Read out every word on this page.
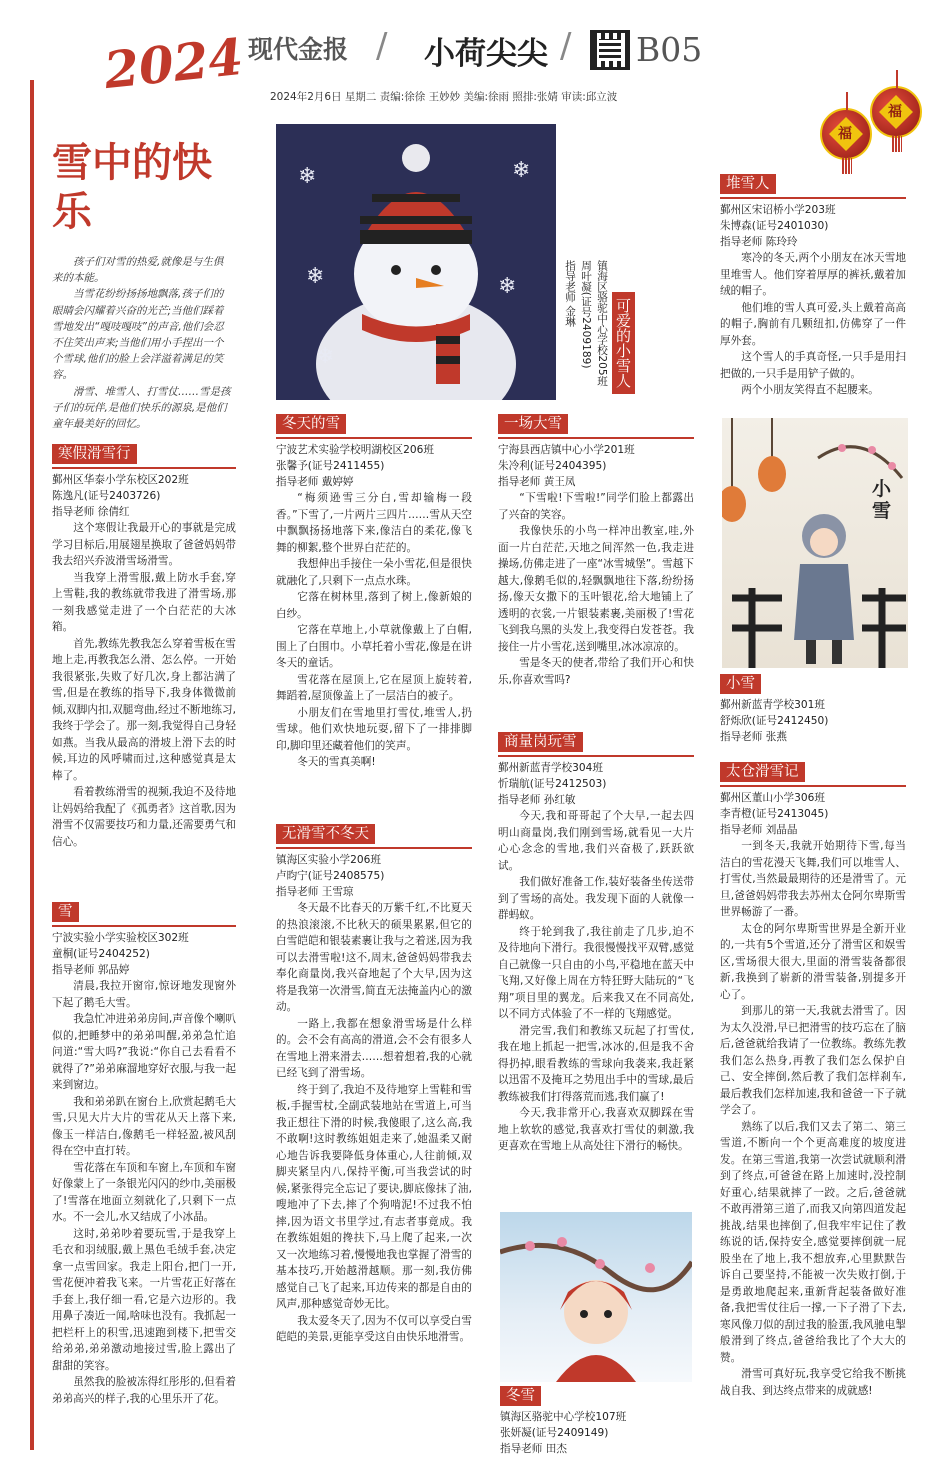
2024 现代金报 / 小荷尖尖 / B05
2024年2月6日 星期二 责编:徐徐 王妙妙 美编:徐雨 照排:张婧 审读:邱立波
福
福
雪中的快乐

孩子们对雪的热爱,就像是与生俱来的本能。

当雪花纷纷扬扬地飘落,孩子们的眼睛会闪耀着兴奋的光芒;当他们踩着雪地发出“嘎吱嘎吱”的声音,他们会忍不住笑出声来;当他们用小手捏出一个个雪球,他们的脸上会洋溢着满足的笑容。

滑雪、堆雪人、打雪仗……雪是孩子们的玩伴,是他们快乐的源泉,是他们童年最美好的回忆。

寒假滑雪行
鄞州区华泰小学东校区202班
陈逸凡(证号2403726)
指导老师 徐倩红

这个寒假让我最开心的事就是完成学习目标后,用展翅星换取了爸爸妈妈带我去绍兴乔波滑雪场滑雪。

当我穿上滑雪服,戴上防水手套,穿上雪鞋,我的教练就带我进了滑雪场,那一刻我感觉走进了一个白茫茫的大冰箱。

首先,教练先教我怎么穿着雪板在雪地上走,再教我怎么滑、怎么停。一开始我很紧张,失败了好几次,身上都沾满了雪,但是在教练的指导下,我身体微微前倾,双脚内扣,双腿弯曲,经过不断地练习,我终于学会了。那一刻,我觉得自己身轻如燕。当我从最高的滑坡上滑下去的时候,耳边的风呼啸而过,这种感觉真是太棒了。

看着教练滑雪的视频,我迫不及待地让妈妈给我配了《孤勇者》这首歌,因为滑雪不仅需要技巧和力量,还需要勇气和信心。

雪
宁波实验小学实验校区302班
童桐(证号2404252)
指导老师 郭品婷

清晨,我拉开窗帘,惊讶地发现窗外下起了鹅毛大雪。

我急忙冲进弟弟房间,声音像个喇叭似的,把睡梦中的弟弟叫醒,弟弟急忙追问道:“雪大吗?”我说:“你自己去看看不就得了?”弟弟麻溜地穿好衣服,与我一起来到窗边。

我和弟弟趴在窗台上,欣赏起鹅毛大雪,只见大片大片的雪花从天上落下来,像玉一样洁白,像鹅毛一样轻盈,被风刮得在空中直打转。

雪花落在车顶和车窗上,车顶和车窗好像蒙上了一条银光闪闪的纱巾,美丽极了!雪落在地面立刻就化了,只剩下一点水。不一会儿,水又结成了小冰晶。

这时,弟弟吵着要玩雪,于是我穿上毛衣和羽绒服,戴上黑色毛绒手套,决定拿一点雪回家。我走上阳台,把门一开,雪花便冲着我飞来。一片雪花正好落在手套上,我仔细一看,它是六边形的。我用鼻子凑近一闻,啥味也没有。我抓起一把栏杆上的积雪,迅速跑到楼下,把雪交给弟弟,弟弟激动地接过雪,脸上露出了甜甜的笑容。

虽然我的脸被冻得红彤彤的,但看着弟弟高兴的样子,我的心里乐开了花。

❄
❄
❄
❄
❄	可爱的小雪人
镇海区骆驼中心学校205班
周叶凝(证号2409189)
指导老师 金琳
冬天的雪
宁波艺术实验学校明湖校区206班
张馨予(证号2411455)
指导老师 戴婷婷

“梅须逊雪三分白,雪却输梅一段香。”下雪了,一片两片三四片……雪从天空中飘飘扬扬地落下来,像洁白的柔花,像飞舞的柳絮,整个世界白茫茫的。

我想伸出手接住一朵小雪花,但是很快就融化了,只剩下一点点水珠。

它落在树林里,落到了树上,像新娘的白纱。

它落在草地上,小草就像戴上了白帽,围上了白围巾。小草托着小雪花,像是在讲冬天的童话。

雪花落在屋顶上,它在屋顶上旋转着,舞蹈着,屋顶像盖上了一层洁白的被子。

小朋友们在雪地里打雪仗,堆雪人,扔雪球。他们欢快地玩耍,留下了一排排脚印,脚印里还藏着他们的笑声。

冬天的雪真美啊!

无滑雪不冬天
镇海区实验小学206班
卢昀宁(证号2408575)
指导老师 王雪琼

冬天最不比春天的万紫千红,不比夏天的热浪滚滚,不比秋天的硕果累累,但它的白雪皑皑和银装素裹让我与之着迷,因为我可以去滑雪啦!这不,周末,爸爸妈妈带我去奉化商量岗,我兴奋地起了个大早,因为这将是我第一次滑雪,简直无法掩盖内心的激动。

一路上,我都在想象滑雪场是什么样的。会不会有高高的滑道,会不会有很多人在雪地上滑来滑去……想着想着,我的心就已经飞到了滑雪场。

终于到了,我迫不及待地穿上雪鞋和雪板,手握雪杖,全副武装地站在雪道上,可当我正想往下滑的时候,我傻眼了,这么高,我不敢啊!这时教练姐姐走来了,她温柔又耐心地告诉我要降低身体重心,人往前倾,双脚夹紧呈内八,保持平衡,可当我尝试的时候,紧张得完全忘记了要诀,脚底像抹了油,嗖地冲了下去,摔了个狗啃泥!不过我不怕摔,因为语文书里学过,有志者事竟成。我在教练姐姐的搀扶下,马上爬了起来,一次又一次地练习着,慢慢地我也掌握了滑雪的基本技巧,开始越滑越顺。那一刻,我仿佛感觉自己飞了起来,耳边传来的都是自由的风声,那种感觉奇妙无比。

我太爱冬天了,因为不仅可以享受白雪皑皑的美景,更能享受这自由快乐地滑雪。

一场大雪
宁海县西店镇中心小学201班
朱冷利(证号2404395)
指导老师 黄王凤

“下雪啦!下雪啦!”同学们脸上都露出了兴奋的笑容。

我像快乐的小鸟一样冲出教室,哇,外面一片白茫茫,天地之间浑然一色,我走进操场,仿佛走进了一座“冰雪城堡”。雪越下越大,像鹅毛似的,轻飘飘地往下落,纷纷扬扬,像天女撒下的玉叶银花,给大地铺上了透明的衣裳,一片银装素裹,美丽极了!雪花飞到我乌黑的头发上,我变得白发苍苍。我接住一片小雪花,送到嘴里,冰冰凉凉的。

雪是冬天的使者,带给了我们开心和快乐,你喜欢雪吗?

商量岗玩雪
鄞州新蓝青学校304班
忻瑞航(证号2412503)
指导老师 孙红敏

今天,我和哥哥起了个大早,一起去四明山商量岗,我们刚到雪场,就看见一大片心心念念的雪地,我们兴奋极了,跃跃欲试。

我们做好准备工作,装好装备坐传送带到了雪场的高处。我发现下面的人就像一群蚂蚁。

终于轮到我了,我往前走了几步,迫不及待地向下滑行。我很慢慢找平双臂,感觉自己就像一只自由的小鸟,平稳地在蓝天中飞翔,又好像上周在方特狂野大陆玩的“飞翔”项目里的翼龙。后来我又在不同高处,以不同方式体验了不一样的飞翔感觉。

滑完雪,我们和教练又玩起了打雪仗,我在地上抓起一把雪,冰冰的,但是我不舍得扔掉,眼看教练的雪球向我袭来,我赶紧以迅雷不及掩耳之势甩出手中的雪球,最后教练被我们打得落荒而逃,我们赢了!

今天,我非常开心,我喜欢双脚踩在雪地上软软的感觉,我喜欢打雪仗的刺激,我更喜欢在雪地上从高处往下滑行的畅快。

冬雪
镇海区骆驼中心学校107班
张妍凝(证号2409149)
指导老师 田杰
堆雪人
鄞州区宋诏桥小学203班
朱博森(证号2401030)
指导老师 陈玲玲

寒冷的冬天,两个小朋友在冰天雪地里堆雪人。他们穿着厚厚的裤袄,戴着加绒的帽子。

他们堆的雪人真可爱,头上戴着高高的帽子,胸前有几颗纽扣,仿佛穿了一件厚外套。

这个雪人的手真奇怪,一只手是用扫把做的,一只手是用铲子做的。

两个小朋友笑得直不起腰来。

小雪
小雪
鄞州新蓝青学校301班
舒烁欣(证号2412450)
指导老师 张燕
太仓滑雪记
鄞州区董山小学306班
李青橙(证号2413045)
指导老师 刘晶晶

一到冬天,我就开始期待下雪,每当洁白的雪花漫天飞舞,我们可以堆雪人、打雪仗,当然最最期待的还是滑雪了。元旦,爸爸妈妈带我去苏州太仓阿尔卑斯雪世界畅游了一番。

太仓的阿尔卑斯雪世界是全新开业的,一共有5个雪道,还分了滑雪区和娱雪区,雪场很大很大,里面的滑雪装备都很新,我换到了崭新的滑雪装备,别提多开心了。

到那儿的第一天,我就去滑雪了。因为太久没滑,早已把滑雪的技巧忘在了脑后,爸爸就给我请了一位教练。教练先教我们怎么热身,再教了我们怎么保护自己、安全摔倒,然后教了我们怎样刹车,最后教我们怎样加速,我和爸爸一下子就学会了。

熟练了以后,我们又去了第二、第三雪道,不断向一个个更高难度的坡度进发。在第三雪道,我第一次尝试就顺利滑到了终点,可爸爸在路上加速时,没控制好重心,结果就摔了一跤。之后,爸爸就不敢再滑第三道了,而我又向第四道发起挑战,结果也摔倒了,但我牢牢记住了教练说的话,保持安全,感觉要摔倒就一屁股坐在了地上,我不想放弃,心里默默告诉自己要坚持,不能被一次失败打倒,于是勇敢地爬起来,重新背起装备做好准备,我把雪仗往后一撑,一下子滑了下去,寒风像刀似的刮过我的脸蛋,我风驰电掣般滑到了终点,爸爸给我比了个大大的赞。

滑雪可真好玩,我享受它给我不断挑战自我、到达终点带来的成就感!
